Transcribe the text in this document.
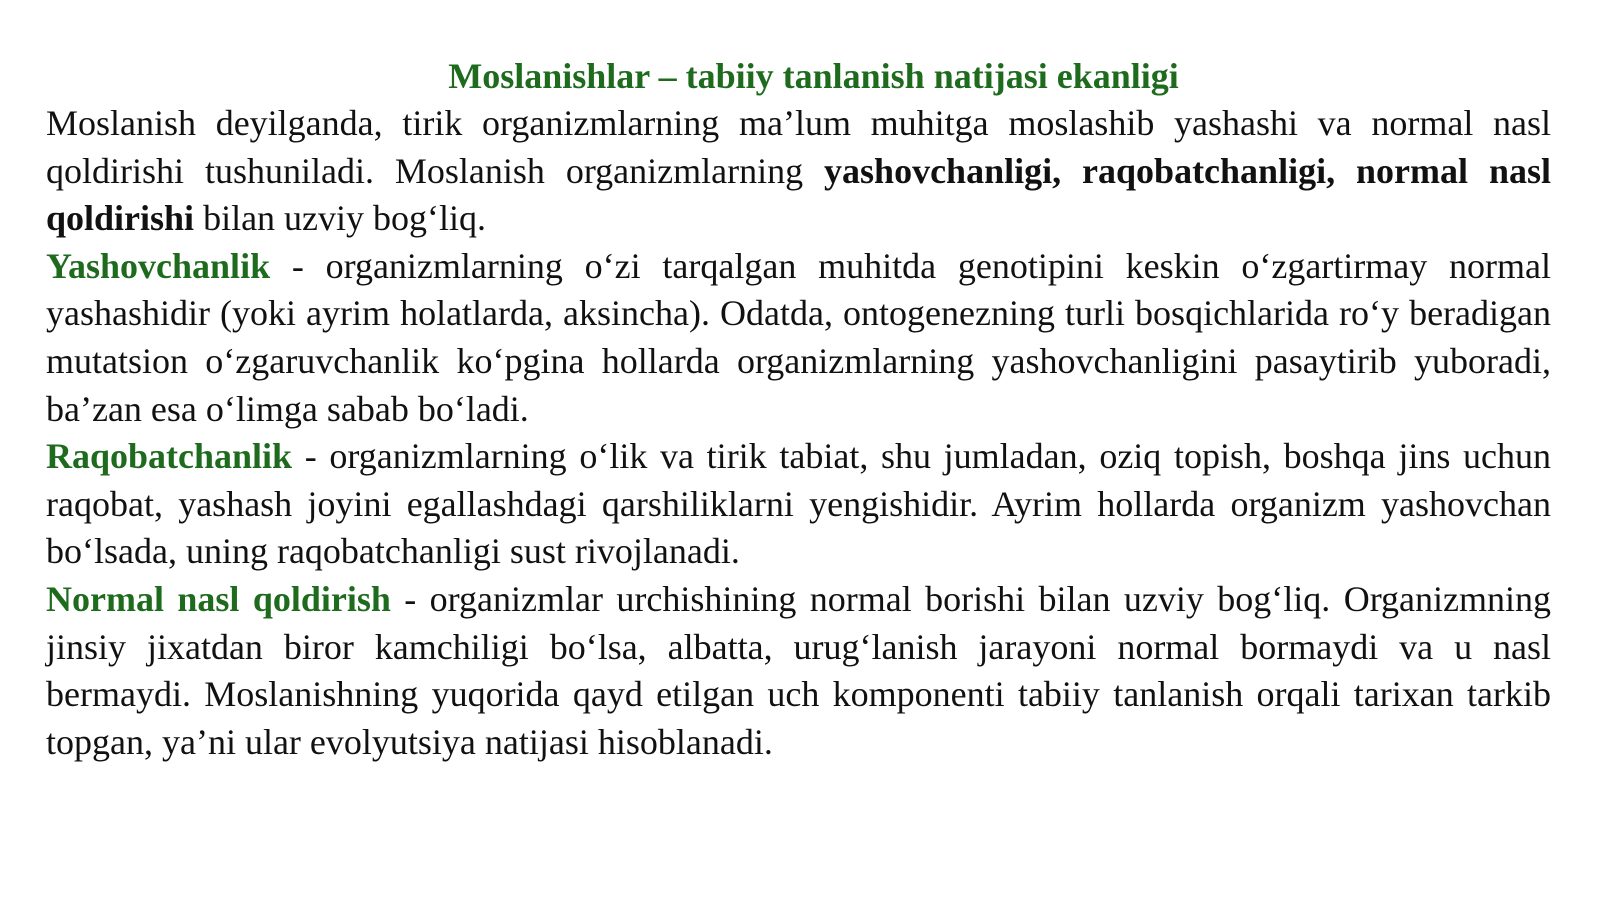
Moslanishlar – tabiiy tanlanish natijasi ekanligi

Moslanish deyilganda, tirik organizmlarning ma’lum muhitga moslashib yashashi va normal nasl qoldirishi tushuniladi. Moslanish organizmlarning yashovchanligi, raqobatchanligi, normal nasl qoldirishi bilan uzviy bog‘liq.

Yashovchanlik - organizmlarning o‘zi tarqalgan muhitda genotipini keskin o‘zgartirmay normal yashashidir (yoki ayrim holatlarda, aksincha). Odatda, ontogenezning turli bosqichlarida ro‘y beradigan mutatsion o‘zgaruvchanlik ko‘pgina hollarda organizmlarning yashovchanligini pasaytirib yuboradi, ba’zan esa o‘limga sabab bo‘ladi.

Raqobatchanlik - organizmlarning o‘lik va tirik tabiat, shu jumladan, oziq topish, boshqa jins uchun raqobat, yashash joyini egallashdagi qarshiliklarni yengishidir. Ayrim hollarda organizm yashovchan bo‘lsada, uning raqobatchanligi sust rivojlanadi.

Normal nasl qoldirish - organizmlar urchishining normal borishi bilan uzviy bog‘liq. Organizmning jinsiy jixatdan biror kamchiligi bo‘lsa, albatta, urug‘lanish jarayoni normal bormaydi va u nasl bermaydi. Moslanishning yuqorida qayd etilgan uch komponenti tabiiy tanlanish orqali tarixan tarkib topgan, ya’ni ular evolyutsiya natijasi hisoblanadi.
